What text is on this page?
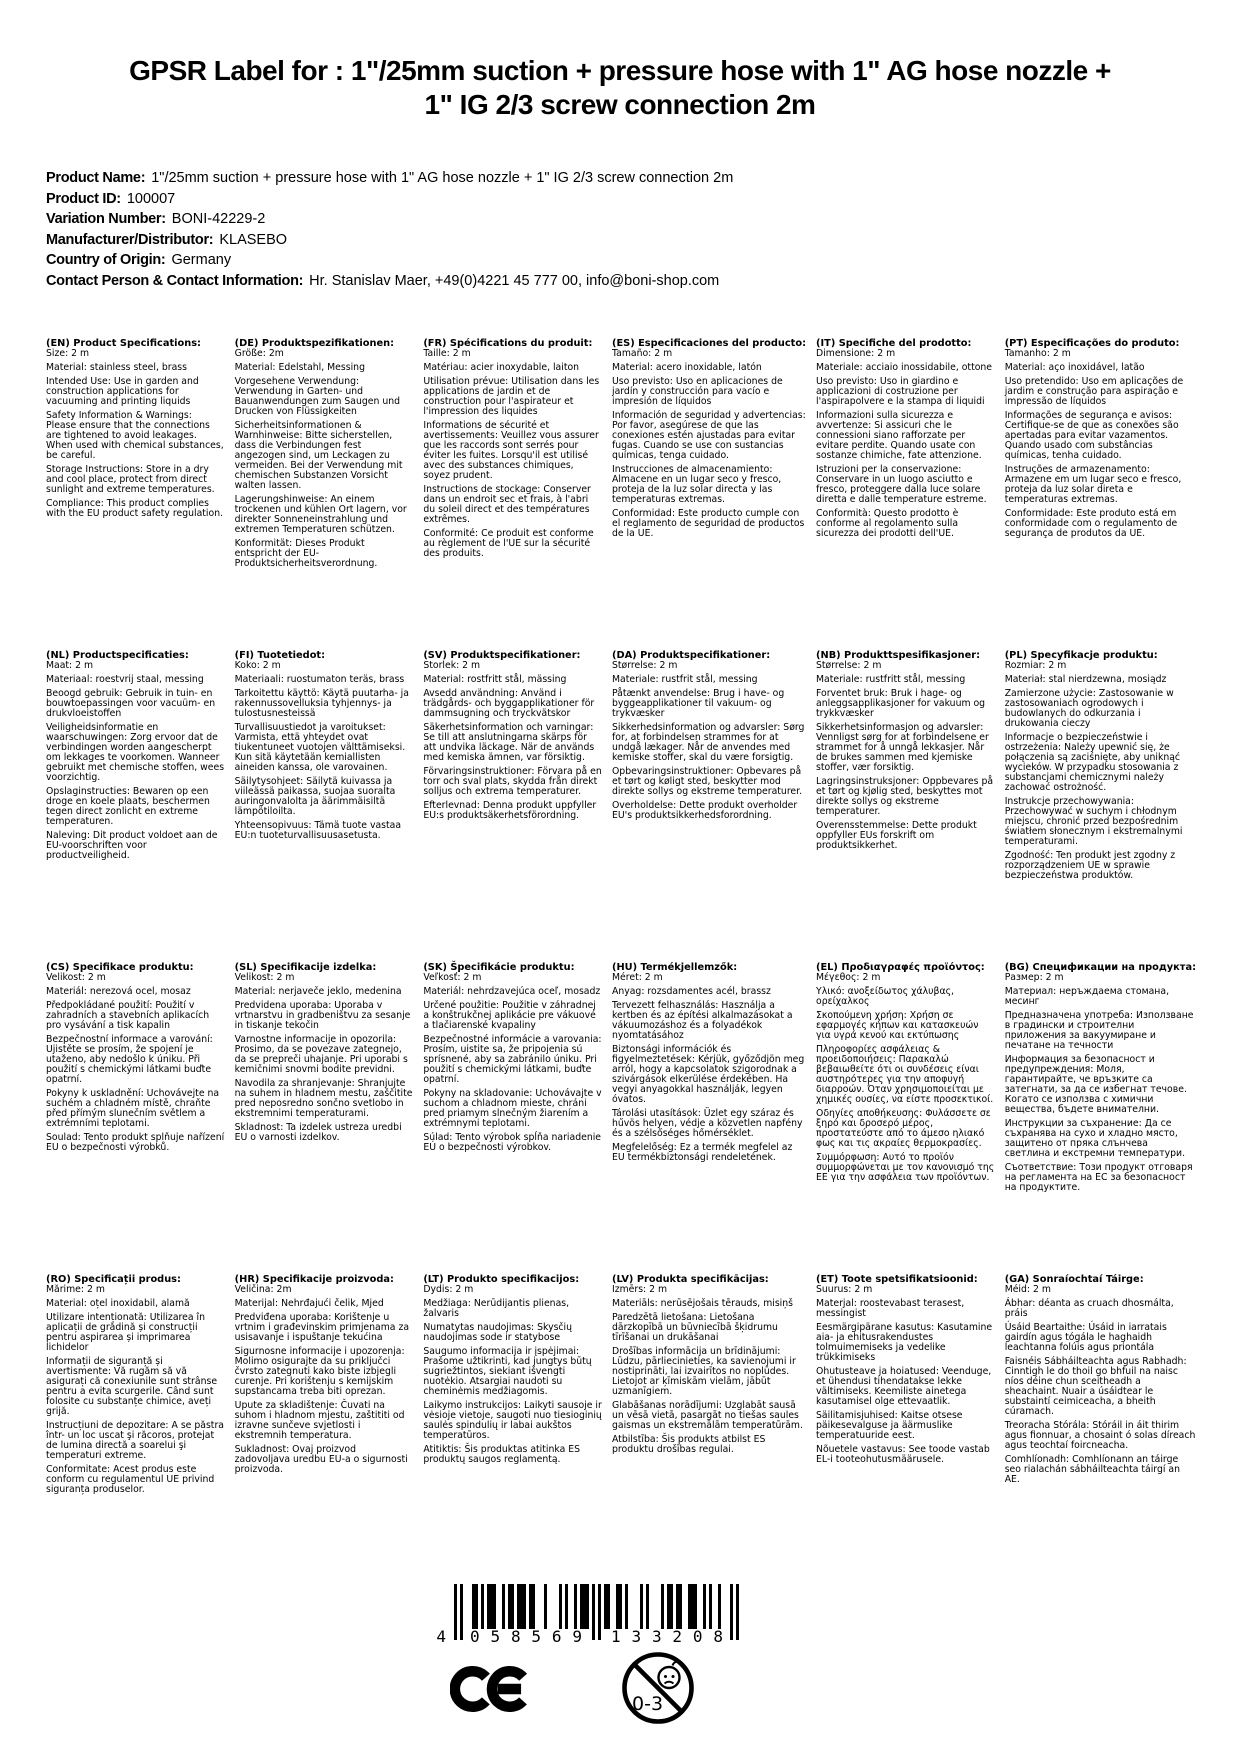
GPSR Label for : 1"/25mm suction + pressure hose with 1" AG hose nozzle + 1" IG 2/3 screw connection 2m
Product Name: 1"/25mm suction + pressure hose with 1" AG hose nozzle + 1" IG 2/3 screw connection 2m
Product ID: 100007
Variation Number: BONI-42229-2
Manufacturer/Distributor: KLASEBO
Country of Origin: Germany
Contact Person & Contact Information: Hr. Stanislav Maer, +49(0)4221 45 777 00, info@boni-shop.com
(EN) Product Specifications:

Size: 2 m

Material: stainless steel, brass

Intended Use: Use in garden and construction applications for vacuuming and printing liquids

Safety Information & Warnings: Please ensure that the connections are tightened to avoid leakages. When used with chemical substances, be careful.

Storage Instructions: Store in a dry and cool place, protect from direct sunlight and extreme temperatures.

Compliance: This product complies with the EU product safety regulation.

(DE) Produktspezifikationen:

Größe: 2m

Material: Edelstahl, Messing

Vorgesehene Verwendung: Verwendung in Garten- und Bauanwendungen zum Saugen und Drucken von Flüssigkeiten

Sicherheitsinformationen & Warnhinweise: Bitte sicherstellen, dass die Verbindungen fest angezogen sind, um Leckagen zu vermeiden. Bei der Verwendung mit chemischen Substanzen Vorsicht walten lassen.

Lagerungshinweise: An einem trockenen und kühlen Ort lagern, vor direkter Sonneneinstrahlung und extremen Temperaturen schützen.

Konformität: Dieses Produkt entspricht der EU-Produktsicherheitsverordnung.

(FR) Spécifications du produit:

Taille: 2 m

Matériau: acier inoxydable, laiton

Utilisation prévue: Utilisation dans les applications de jardin et de construction pour l'aspirateur et l'impression des liquides

Informations de sécurité et avertissements: Veuillez vous assurer que les raccords sont serrés pour éviter les fuites. Lorsqu'il est utilisé avec des substances chimiques, soyez prudent.

Instructions de stockage: Conserver dans un endroit sec et frais, à l'abri du soleil direct et des températures extrêmes.

Conformité: Ce produit est conforme au règlement de l'UE sur la sécurité des produits.

(ES) Especificaciones del producto:

Tamaño: 2 m

Material: acero inoxidable, latón

Uso previsto: Uso en aplicaciones de jardín y construcción para vacío e impresión de líquidos

Información de seguridad y advertencias: Por favor, asegúrese de que las conexiones estén ajustadas para evitar fugas. Cuando se use con sustancias químicas, tenga cuidado.

Instrucciones de almacenamiento: Almacene en un lugar seco y fresco, proteja de la luz solar directa y las temperaturas extremas.

Conformidad: Este producto cumple con el reglamento de seguridad de productos de la UE.

(IT) Specifiche del prodotto:

Dimensione: 2 m

Materiale: acciaio inossidabile, ottone

Uso previsto: Uso in giardino e applicazioni di costruzione per l'aspirapolvere e la stampa di liquidi

Informazioni sulla sicurezza e avvertenze: Si assicuri che le connessioni siano rafforzate per evitare perdite. Quando usate con sostanze chimiche, fate attenzione.

Istruzioni per la conservazione: Conservare in un luogo asciutto e fresco, proteggere dalla luce solare diretta e dalle temperature estreme.

Conformità: Questo prodotto è conforme al regolamento sulla sicurezza dei prodotti dell'UE.

(PT) Especificações do produto:

Tamanho: 2 m

Material: aço inoxidável, latão

Uso pretendido: Uso em aplicações de jardim e construção para aspiração e impressão de líquidos

Informações de segurança e avisos: Certifique-se de que as conexões são apertadas para evitar vazamentos. Quando usado com substâncias químicas, tenha cuidado.

Instruções de armazenamento: Armazene em um lugar seco e fresco, proteja da luz solar direta e temperaturas extremas.

Conformidade: Este produto está em conformidade com o regulamento de segurança de produtos da UE.

(NL) Productspecificaties:

Maat: 2 m

Materiaal: roestvrij staal, messing

Beoogd gebruik: Gebruik in tuin- en bouwtoepassingen voor vacuüm- en drukvloeistoffen

Veiligheidsinformatie en waarschuwingen: Zorg ervoor dat de verbindingen worden aangescherpt om lekkages te voorkomen. Wanneer gebruikt met chemische stoffen, wees voorzichtig.

Opslaginstructies: Bewaren op een droge en koele plaats, beschermen tegen direct zonlicht en extreme temperaturen.

Naleving: Dit product voldoet aan de EU-voorschriften voor productveiligheid.

(FI) Tuotetiedot:

Koko: 2 m

Materiaali: ruostumaton teräs, brass

Tarkoitettu käyttö: Käytä puutarha- ja rakennussovelluksia tyhjennys- ja tulostusnesteissä

Turvallisuustiedot ja varoitukset: Varmista, että yhteydet ovat tiukentuneet vuotojen välttämiseksi. Kun sitä käytetään kemiallisten aineiden kanssa, ole varovainen.

Säilytysohjeet: Säilytä kuivassa ja viileässä paikassa, suojaa suoralta auringonvalolta ja äärimmäisiltä lämpötiloilta.

Yhteensopivuus: Tämä tuote vastaa EU:n tuoteturvallisuusasetusta.

(SV) Produktspecifikationer:

Storlek: 2 m

Material: rostfritt stål, mässing

Avsedd användning: Använd i trädgårds- och byggapplikationer för dammsugning och tryckvätskor

Säkerhetsinformation och varningar: Se till att anslutningarna skärps för att undvika läckage. När de används med kemiska ämnen, var försiktig.

Förvaringsinstruktioner: Förvara på en torr och sval plats, skydda från direkt solljus och extrema temperaturer.

Efterlevnad: Denna produkt uppfyller EU:s produktsäkerhetsförordning.

(DA) Produktspecifikationer:

Størrelse: 2 m

Materiale: rustfrit stål, messing

Påtænkt anvendelse: Brug i have- og byggeapplikationer til vakuum- og trykvæsker

Sikkerhedsinformation og advarsler: Sørg for, at forbindelsen strammes for at undgå lækager. Når de anvendes med kemiske stoffer, skal du være forsigtig.

Opbevaringsinstruktioner: Opbevares på et tørt og køligt sted, beskytter mod direkte sollys og ekstreme temperaturer.

Overholdelse: Dette produkt overholder EU's produktsikkerhedsforordning.

(NB) Produkttspesifikasjoner:

Størrelse: 2 m

Materiale: rustfritt stål, messing

Forventet bruk: Bruk i hage- og anleggsapplikasjoner for vakuum og trykkvæsker

Sikkerhetsinformasjon og advarsler: Vennligst sørg for at forbindelsene er strammet for å unngå lekkasjer. Når de brukes sammen med kjemiske stoffer, vær forsiktig.

Lagringsinstruksjoner: Oppbevares på et tørt og kjølig sted, beskyttes mot direkte sollys og ekstreme temperaturer.

Overensstemmelse: Dette produkt oppfyller EUs forskrift om produktsikkerhet.

(PL) Specyfikacje produktu:

Rozmiar: 2 m

Materiał: stal nierdzewna, mosiądz

Zamierzone użycie: Zastosowanie w zastosowaniach ogrodowych i budowlanych do odkurzania i drukowania cieczy

Informacje o bezpieczeństwie i ostrzeżenia: Należy upewnić się, że połączenia są zaciśnięte, aby uniknąć wycieków. W przypadku stosowania z substancjami chemicznymi należy zachować ostrożność.

Instrukcje przechowywania: Przechowywać w suchym i chłodnym miejscu, chronić przed bezpośrednim światłem słonecznym i ekstremalnymi temperaturami.

Zgodność: Ten produkt jest zgodny z rozporządzeniem UE w sprawie bezpieczeństwa produktów.

(CS) Specifikace produktu:

Velikost: 2 m

Materiál: nerezová ocel, mosaz

Předpokládané použití: Použití v zahradních a stavebních aplikacích pro vysávání a tisk kapalin

Bezpečnostní informace a varování: Ujistěte se prosím, že spojení je utaženo, aby nedošlo k úniku. Při použití s chemickými látkami buďte opatrní.

Pokyny k uskladnění: Uchovávejte na suchém a chladném místě, chraňte před přímým slunečním světlem a extrémními teplotami.

Soulad: Tento produkt splňuje nařízení EU o bezpečnosti výrobků.

(SL) Specifikacije izdelka:

Velikost: 2 m

Material: nerjaveče jeklo, medenina

Predvidena uporaba: Uporaba v vrtnarstvu in gradbeništvu za sesanje in tiskanje tekočin

Varnostne informacije in opozorila: Prosimo, da se povezave zategnejo, da se prepreči uhajanje. Pri uporabi s kemičnimi snovmi bodite previdni.

Navodila za shranjevanje: Shranjujte na suhem in hladnem mestu, zaščitite pred neposredno sončno svetlobo in ekstremnimi temperaturami.

Skladnost: Ta izdelek ustreza uredbi EU o varnosti izdelkov.

(SK) Špecifikácie produktu:

Veľkosť: 2 m

Materiál: nehrdzavejúca oceľ, mosadz

Určené použitie: Použitie v záhradnej a konštrukčnej aplikácie pre vákuové a tlačiarenské kvapaliny

Bezpečnostné informácie a varovania: Prosím, uistite sa, že pripojenia sú sprísnené, aby sa zabránilo úniku. Pri použití s chemickými látkami, buďte opatrní.

Pokyny na skladovanie: Uchovávajte v suchom a chladnom mieste, chráni pred priamym slnečným žiarením a extrémnymi teplotami.

Súlad: Tento výrobok spĺňa nariadenie EÚ o bezpečnosti výrobkov.

(HU) Termékjellemzők:

Méret: 2 m

Anyag: rozsdamentes acél, brassz

Tervezett felhasználás: Használja a kertben és az építési alkalmazásokat a vákuumozáshoz és a folyadékok nyomtatásához

Biztonsági információk és figyelmeztetések: Kérjük, győződjön meg arról, hogy a kapcsolatok szigorodnak a szivárgások elkerülése érdekében. Ha vegyi anyagokkal használják, legyen óvatos.

Tárolási utasítások: Üzlet egy száraz és hűvös helyen, védje a közvetlen napfény és a szélsőséges hőmérséklet.

Megfelelőség: Ez a termék megfelel az EU termékbiztonsági rendeletének.

(EL) Προδιαγραφές προϊόντος:

Μέγεθος: 2 m

Υλικό: ανοξείδωτος χάλυβας, ορείχαλκος

Σκοπούμενη χρήση: Χρήση σε εφαρμογές κήπων και κατασκευών για υγρά κενού και εκτύπωσης

Πληροφορίες ασφάλειας & προειδοποιήσεις: Παρακαλώ βεβαιωθείτε ότι οι συνδέσεις είναι αυστηρότερες για την αποφυγή διαρροών. Όταν χρησιμοποιείται με χημικές ουσίες, να είστε προσεκτικοί.

Οδηγίες αποθήκευσης: Φυλάσσετε σε ξηρό και δροσερό μέρος, προστατεύστε από το άμεσο ηλιακό φως και τις ακραίες θερμοκρασίες.

Συμμόρφωση: Αυτό το προϊόν συμμορφώνεται με τον κανονισμό της ΕΕ για την ασφάλεια των προϊόντων.

(BG) Спецификации на продукта:

Размер: 2 m

Материал: неръждаема стомана, месинг

Предназначена употреба: Използване в градински и строителни приложения за вакуумиране и печатане на течности

Информация за безопасност и предупреждения: Моля, гарантирайте, че връзките са затегнати, за да се избегнат течове. Когато се използва с химични вещества, бъдете внимателни.

Инструкции за съхранение: Да се съхранява на сухо и хладно място, защитено от пряка слънчева светлина и екстремни температури.

Съответствие: Този продукт отговаря на регламента на ЕС за безопасност на продуктите.

(RO) Specificații produs:

Mărime: 2 m

Material: oțel inoxidabil, alamă

Utilizare intenționată: Utilizarea în aplicații de grădină și construcții pentru aspirarea și imprimarea lichidelor

Informații de siguranță și avertismente: Vă rugăm să vă asigurați că conexiunile sunt strânse pentru a evita scurgerile. Când sunt folosite cu substanțe chimice, aveți grijă.

Instrucțiuni de depozitare: A se păstra într- un loc uscat şi răcoros, protejat de lumina directă a soarelui şi temperaturi extreme.

Conformitate: Acest produs este conform cu regulamentul UE privind siguranța produselor.

(HR) Specifikacije proizvoda:

Veličina: 2m

Materijal: Nehrđajući čelik, Mjed

Predviđena uporaba: Korištenje u vrtnim i građevinskim primjenama za usisavanje i ispuštanje tekućina

Sigurnosne informacije i upozorenja: Molimo osigurajte da su priključci čvrsto zategnuti kako biste izbjegli curenje. Pri korištenju s kemijskim supstancama treba biti oprezan.

Upute za skladištenje: Čuvati na suhom i hladnom mjestu, zaštititi od izravne sunčeve svjetlosti i ekstremnih temperatura.

Sukladnost: Ovaj proizvod zadovoljava uredbu EU-a o sigurnosti proizvoda.

(LT) Produkto specifikacijos:

Dydis: 2 m

Medžiaga: Nerūdijantis plienas, žalvaris

Numatytas naudojimas: Skysčių naudojimas sode ir statybose

Saugumo informacija ir įspėjimai: Prašome užtikrinti, kad jungtys būtų sugriežtintos, siekiant išvengti nuotėkio. Atsargiai naudoti su cheminėmis medžiagomis.

Laikymo instrukcijos: Laikyti sausoje ir vėsioje vietoje, saugoti nuo tiesioginių saulės spindulių ir labai aukštos temperatūros.

Atitiktis: Šis produktas atitinka ES produktų saugos reglamentą.

(LV) Produkta specifikācijas:

Izmērs: 2 m

Materiāls: nerūsējošais tērauds, misiņš

Paredzētā lietošana: Lietošana dārzkopībā un būvniecībā šķidrumu tīrīšanai un drukāšanai

Drošības informācija un brīdinājumi: Lūdzu, pārliecinieties, ka savienojumi ir nostiprināti, lai izvairītos no noplūdes. Lietojot ar ķīmiskām vielām, jābūt uzmanīgiem.

Glabāšanas norādījumi: Uzglabāt sausā un vēsā vietā, pasargāt no tiešas saules gaismas un ekstremālām temperatūrām.

Atbilstība: Šis produkts atbilst ES produktu drošības regulai.

(ET) Toote spetsifikatsioonid:

Suurus: 2 m

Materjal: roostevabast terasest, messingist

Eesmärgipärane kasutus: Kasutamine aia- ja ehitusrakendustes tolmuimemiseks ja vedelike trükkimiseks

Ohutusteave ja hoiatused: Veenduge, et ühendusi tihendatakse lekke vältimiseks. Keemiliste ainetega kasutamisel olge ettevaatlik.

Säilitamisjuhised: Kaitse otsese päikesevalguse ja äärmuslike temperatuuride eest.

Nõuetele vastavus: See toode vastab EL-i tooteohutusmäärusele.

(GA) Sonraíochtaí Táirge:

Méid: 2 m

Ábhar: déanta as cruach dhosmálta, práis

Úsáid Beartaithe: Úsáid in iarratais gairdín agus tógála le haghaidh leachtanna folúis agus priontála

Faisnéis Sábháilteachta agus Rabhadh: Cinntigh le do thoil go bhfuil na naisc níos déine chun sceitheadh a sheachaint. Nuair a úsáidtear le substaintí ceimiceacha, a bheith cúramach.

Treoracha Stórála: Stóráil in áit thirim agus fionnuar, a chosaint ó solas díreach agus teochtaí foircneacha.

Comhlíonadh: Comhlíonann an táirge seo rialachán sábháilteachta táirgí an AE.

4 058569 133208
0-3
